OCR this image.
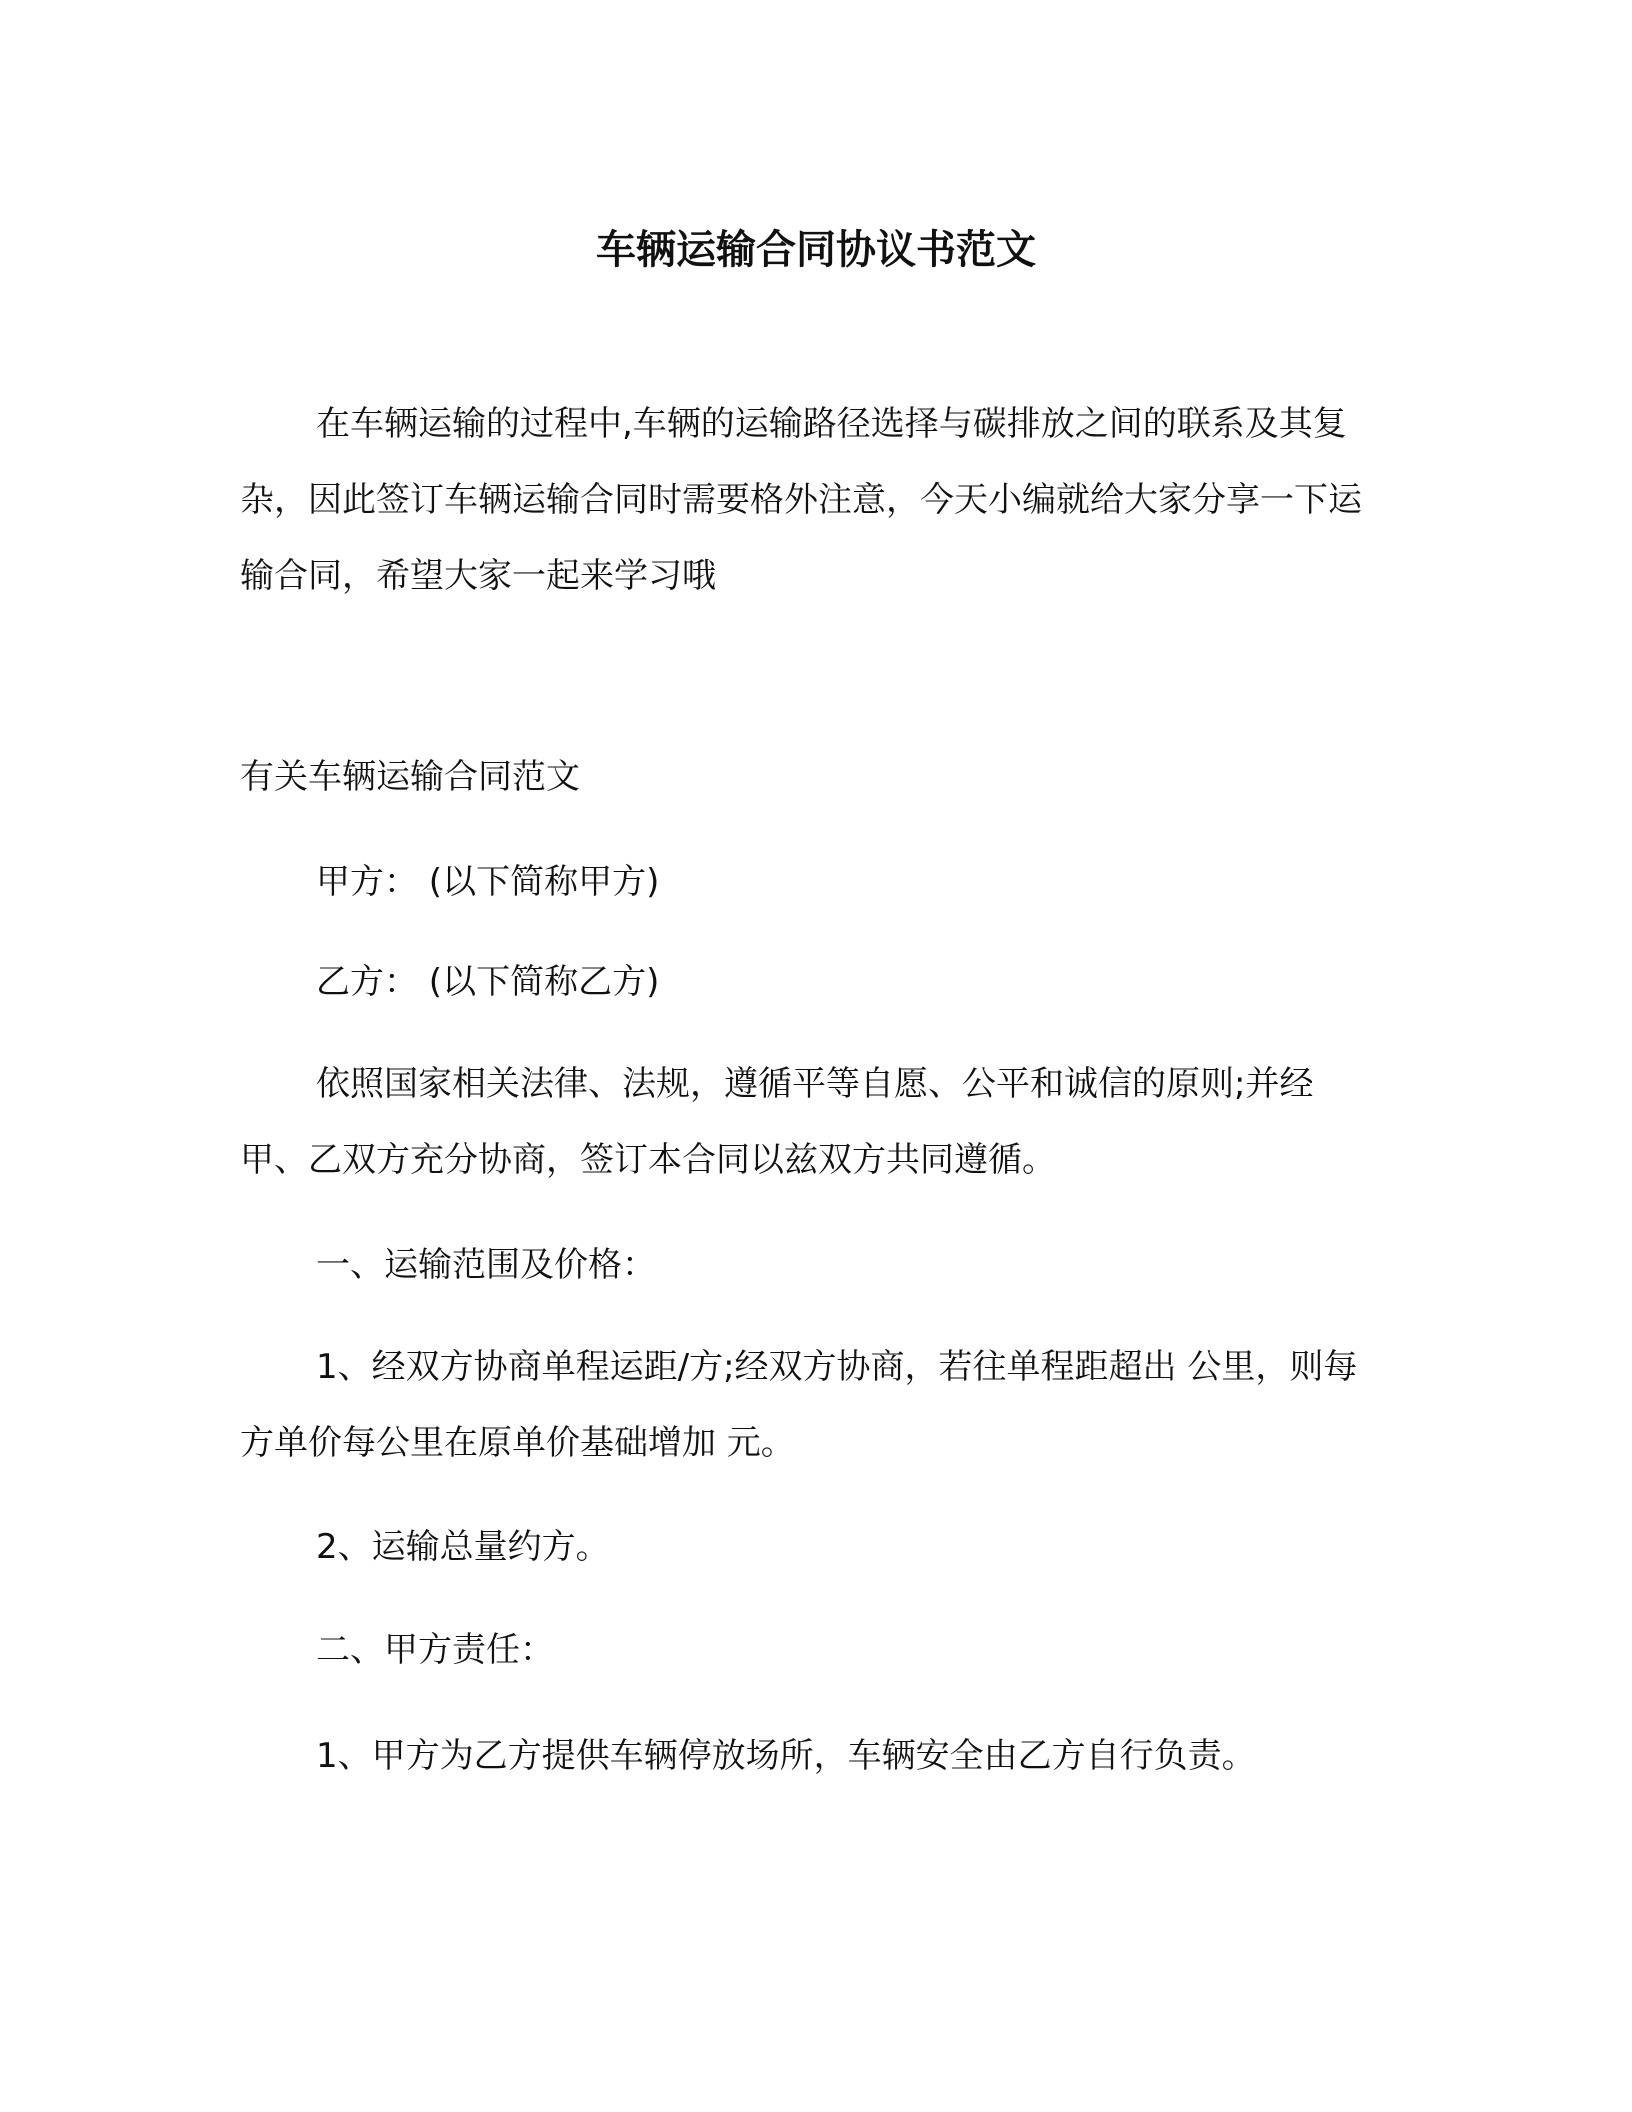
车辆运输合同协议书范文

在车辆运输的过程中,车辆的运输路径选择与碳排放之间的联系及其复杂，因此签订车辆运输合同时需要格外注意，今天小编就给大家分享一下运输合同，希望大家一起来学习哦

有关车辆运输合同范文
甲方： (以下简称甲方)
乙方： (以下简称乙方)

依照国家相关法律、法规，遵循平等自愿、公平和诚信的原则;并经甲、乙双方充分协商，签订本合同以兹双方共同遵循。

一、运输范围及价格：

1、经双方协商单程运距/方;经双方协商，若往单程距超出 公里，则每方单价每公里在原单价基础增加 元。

2、运输总量约方。
二、甲方责任：
1、甲方为乙方提供车辆停放场所，车辆安全由乙方自行负责。
